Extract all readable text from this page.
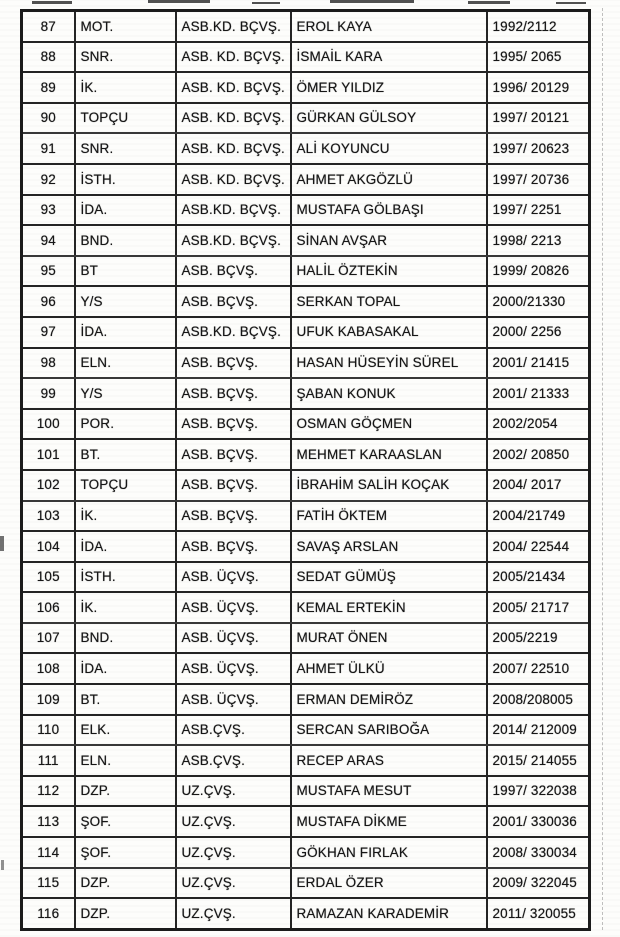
87	MOT.	ASB.KD. BÇVŞ.	EROL KAYA	1992/2112
88	SNR.	ASB. KD. BÇVŞ.	İSMAİL KARA	1995/ 2065
89	İK.	ASB. KD. BÇVŞ.	ÖMER YILDIZ	1996/ 20129
90	TOPÇU	ASB. KD. BÇVŞ.	GÜRKAN GÜLSOY	1997/ 20121
91	SNR.	ASB. KD. BÇVŞ.	ALİ KOYUNCU	1997/ 20623
92	İSTH.	ASB. KD. BÇVŞ.	AHMET AKGÖZLÜ	1997/ 20736
93	İDA.	ASB.KD. BÇVŞ.	MUSTAFA GÖLBAŞI	1997/ 2251
94	BND.	ASB.KD. BÇVŞ.	SİNAN AVŞAR	1998/ 2213
95	BT	ASB. BÇVŞ.	HALİL ÖZTEKİN	1999/ 20826
96	Y/S	ASB. BÇVŞ.	SERKAN TOPAL	2000/21330
97	İDA.	ASB.KD. BÇVŞ.	UFUK KABASAKAL	2000/ 2256
98	ELN.	ASB. BÇVŞ.	HASAN HÜSEYİN SÜREL	2001/ 21415
99	Y/S	ASB. BÇVŞ.	ŞABAN KONUK	2001/ 21333
100	POR.	ASB. BÇVŞ.	OSMAN GÖÇMEN	2002/2054
101	BT.	ASB. BÇVŞ.	MEHMET KARAASLAN	2002/ 20850
102	TOPÇU	ASB. BÇVŞ.	İBRAHİM SALİH KOÇAK	2004/ 2017
103	İK.	ASB. BÇVŞ.	FATİH ÖKTEM	2004/21749
104	İDA.	ASB. BÇVŞ.	SAVAŞ ARSLAN	2004/ 22544
105	İSTH.	ASB. ÜÇVŞ.	SEDAT GÜMÜŞ	2005/21434
106	İK.	ASB. ÜÇVŞ.	KEMAL ERTEKİN	2005/ 21717
107	BND.	ASB. ÜÇVŞ.	MURAT ÖNEN	2005/2219
108	İDA.	ASB. ÜÇVŞ.	AHMET ÜLKÜ	2007/ 22510
109	BT.	ASB. ÜÇVŞ.	ERMAN DEMİRÖZ	2008/208005
110	ELK.	ASB.ÇVŞ.	SERCAN SARIBOĞA	2014/ 212009
111	ELN.	ASB.ÇVŞ.	RECEP ARAS	2015/ 214055
112	DZP.	UZ.ÇVŞ.	MUSTAFA MESUT	1997/ 322038
113	ŞOF.	UZ.ÇVŞ.	MUSTAFA DİKME	2001/ 330036
114	ŞOF.	UZ.ÇVŞ.	GÖKHAN FIRLAK	2008/ 330034
115	DZP.	UZ.ÇVŞ.	ERDAL ÖZER	2009/ 322045
116	DZP.	UZ.ÇVŞ.	RAMAZAN KARADEMİR	2011/ 320055
